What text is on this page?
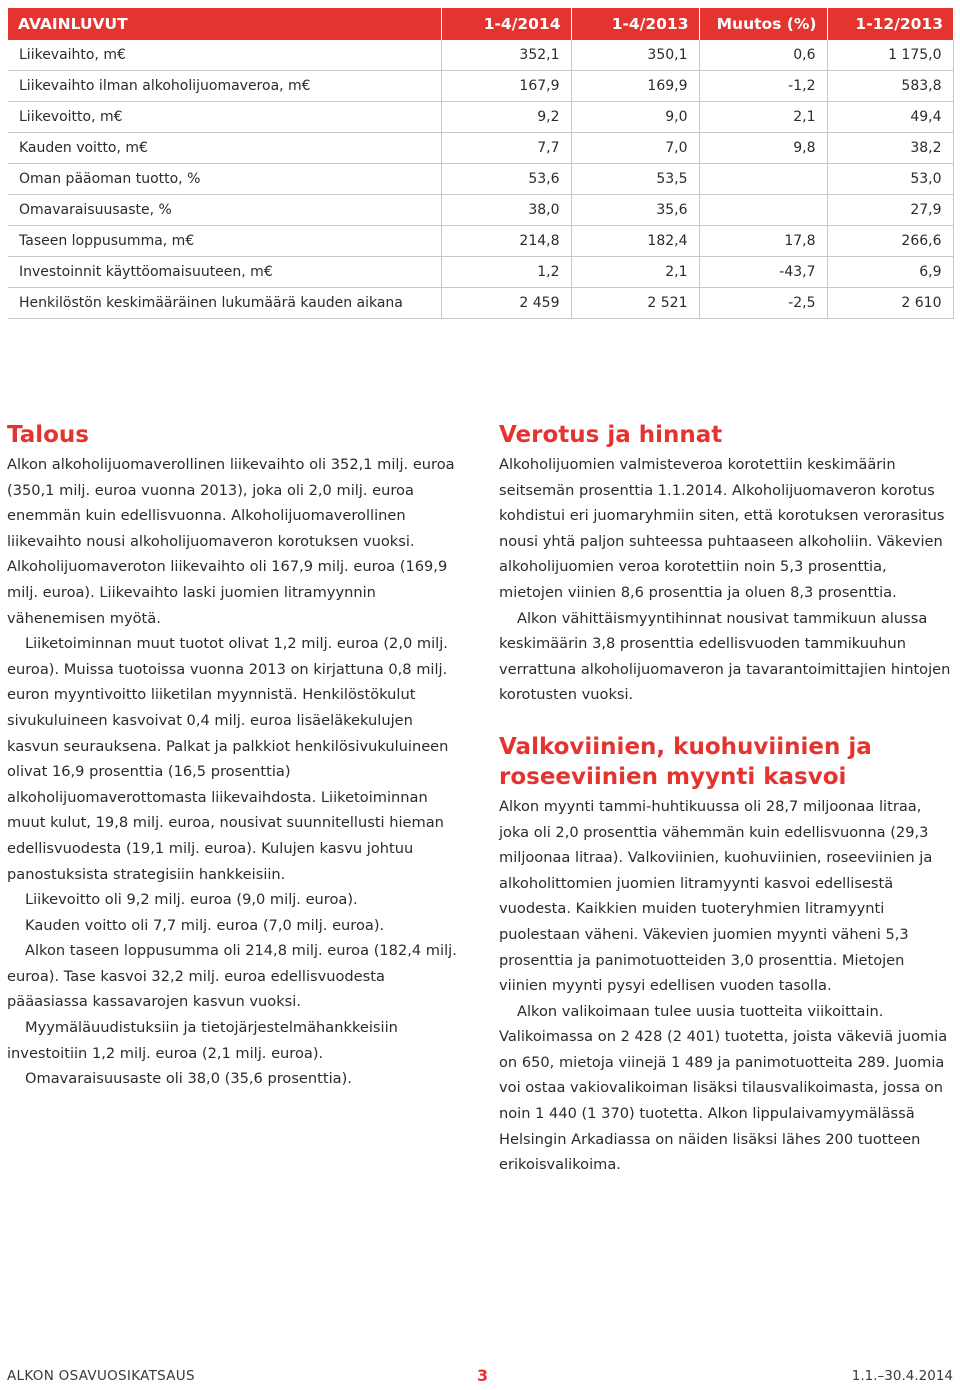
AVAINLUVUT	1-4/2014	1-4/2013	Muutos (%)	1-12/2013
Liikevaihto, m€	352,1	350,1	0,6	1 175,0
Liikevaihto ilman alkoholijuomaveroa, m€	167,9	169,9	-1,2	583,8
Liikevoitto, m€	9,2	9,0	2,1	49,4
Kauden voitto, m€	7,7	7,0	9,8	38,2
Oman pääoman tuotto, %	53,6	53,5		53,0
Omavaraisuusaste, %	38,0	35,6		27,9
Taseen loppusumma, m€	214,8	182,4	17,8	266,6
Investoinnit käyttöomaisuuteen, m€	1,2	2,1	-43,7	6,9
Henkilöstön keskimääräinen lukumäärä kauden aikana	2 459	2 521	-2,5	2 610
Talous

Alkon alkoholijuomaverollinen liikevaihto oli 352,1 milj. euroa (350,1 milj. euroa vuonna 2013), joka oli 2,0 milj. euroa enemmän kuin edellisvuonna. Alkoholijuomaverollinen liikevaihto nousi alkoholijuomaveron korotuksen vuoksi. Alkoholijuomaveroton liikevaihto oli 167,9 milj. euroa (169,9 milj. euroa). Liikevaihto laski juomien litramyynnin vähenemisen myötä.

Liiketoiminnan muut tuotot olivat 1,2 milj. euroa (2,0 milj. euroa). Muissa tuotoissa vuonna 2013 on kirjattuna 0,8 milj. euron myyntivoitto liiketilan myynnistä. Henkilöstökulut sivukuluineen kasvoivat 0,4 milj. euroa lisäeläkekulujen kasvun seurauksena. Palkat ja palkkiot henkilösivukuluineen olivat 16,9 prosenttia (16,5 prosenttia) alkoholijuomaverottomasta liikevaihdosta. Liiketoiminnan muut kulut, 19,8 milj. euroa, nousivat suunnitellusti hieman edellisvuodesta (19,1 milj. euroa). Kulujen kasvu johtuu panostuksista strategisiin hankkeisiin.

Liikevoitto oli 9,2 milj. euroa (9,0 milj. euroa).

Kauden voitto oli 7,7 milj. euroa (7,0 milj. euroa).

Alkon taseen loppusumma oli 214,8 milj. euroa (182,4 milj. euroa). Tase kasvoi 32,2 milj. euroa edellisvuodesta pääasiassa kassavarojen kasvun vuoksi.

Myymäläuudistuksiin ja tietojärjestelmähankkeisiin investoitiin 1,2 milj. euroa (2,1 milj. euroa).

Omavaraisuusaste oli 38,0 (35,6 prosenttia).

Verotus ja hinnat

Alkoholijuomien valmisteveroa korotettiin keskimäärin seitsemän prosenttia 1.1.2014. Alkoholijuomaveron korotus kohdistui eri juomaryhmiin siten, että korotuksen verorasitus nousi yhtä paljon suhteessa puhtaaseen alkoholiin. Väkevien alkoholijuomien veroa korotettiin noin 5,3 prosenttia, mietojen viinien 8,6 prosenttia ja oluen 8,3 prosenttia.

Alkon vähittäismyyntihinnat nousivat tammikuun alussa keskimäärin 3,8 prosenttia edellisvuoden tammikuuhun verrattuna alkoholijuomaveron ja tavarantoimittajien hintojen korotusten vuoksi.

Valkoviinien, kuohuviinien ja roseeviinien myynti kasvoi

Alkon myynti tammi-huhtikuussa oli 28,7 miljoonaa litraa, joka oli 2,0 prosenttia vähemmän kuin edellisvuonna (29,3 miljoonaa litraa). Valkoviinien, kuohuviinien, roseeviinien ja alkoholittomien juomien litramyynti kasvoi edellisestä vuodesta. Kaikkien muiden tuoteryhmien litramyynti puolestaan väheni. Väkevien juomien myynti väheni 5,3 prosenttia ja panimotuotteiden 3,0 prosenttia. Mietojen viinien myynti pysyi edellisen vuoden tasolla.

Alkon valikoimaan tulee uusia tuotteita viikoittain. Valikoimassa on 2 428 (2 401) tuotetta, joista väkeviä juomia on 650, mietoja viinejä 1 489 ja panimotuotteita 289. Juomia voi ostaa vakiovalikoiman lisäksi tilausvalikoimasta, jossa on noin 1 440 (1 370) tuotetta. Alkon lippulaivamyymälässä Helsingin Arkadiassa on näiden lisäksi lähes 200 tuotteen erikoisvalikoima.

ALKON OSAVUOSIKATSAUS	3	1.1.–30.4.2014
